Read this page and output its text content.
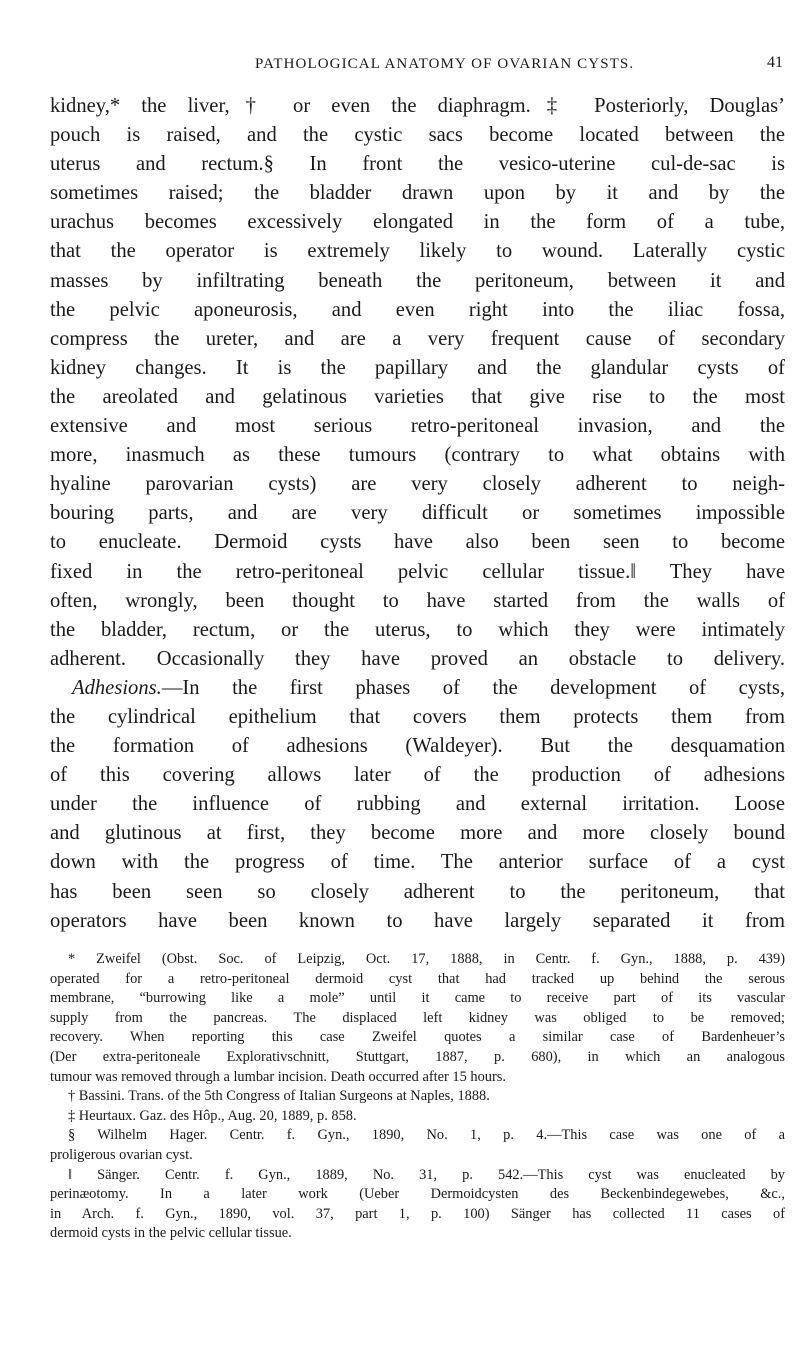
PATHOLOGICAL ANATOMY OF OVARIAN CYSTS.	41
kidney,* the liver,† or even the diaphragm.‡ Posteriorly, Douglas’
pouch is raised, and the cystic sacs become located between the
uterus and rectum.§ In front the vesico-uterine cul-de-sac is
sometimes raised; the bladder drawn upon by it and by the
urachus becomes excessively elongated in the form of a tube,
that the operator is extremely likely to wound. Laterally cystic
masses by infiltrating beneath the peritoneum, between it and
the pelvic aponeurosis, and even right into the iliac fossa,
compress the ureter, and are a very frequent cause of secondary
kidney changes. It is the papillary and the glandular cysts of
the areolated and gelatinous varieties that give rise to the most
extensive and most serious retro-peritoneal invasion, and the
more, inasmuch as these tumours (contrary to what obtains with
hyaline parovarian cysts) are very closely adherent to neigh-
bouring parts, and are very difficult or sometimes impossible
to enucleate. Dermoid cysts have also been seen to become
fixed in the retro-peritoneal pelvic cellular tissue.‖ They have
often, wrongly, been thought to have started from the walls of
the bladder, rectum, or the uterus, to which they were intimately
adherent. Occasionally they have proved an obstacle to delivery.
Adhesions.—In the first phases of the development of cysts,
the cylindrical epithelium that covers them protects them from
the formation of adhesions (Waldeyer). But the desquamation
of this covering allows later of the production of adhesions
under the influence of rubbing and external irritation. Loose
and glutinous at first, they become more and more closely bound
down with the progress of time. The anterior surface of a cyst
has been seen so closely adherent to the peritoneum, that
operators have been known to have largely separated it from
* Zweifel (Obst. Soc. of Leipzig, Oct. 17, 1888, in Centr. f. Gyn., 1888, p. 439)
operated for a retro-peritoneal dermoid cyst that had tracked up behind the serous
membrane, “burrowing like a mole” until it came to receive part of its vascular
supply from the pancreas. The displaced left kidney was obliged to be removed;
recovery. When reporting this case Zweifel quotes a similar case of Bardenheuer’s
(Der extra-peritoneale Explorativschnitt, Stuttgart, 1887, p. 680), in which an analogous
tumour was removed through a lumbar incision. Death occurred after 15 hours.
† Bassini. Trans. of the 5th Congress of Italian Surgeons at Naples, 1888.
‡ Heurtaux. Gaz. des Hôp., Aug. 20, 1889, p. 858.
§ Wilhelm Hager. Centr. f. Gyn., 1890, No. 1, p. 4.—This case was one of a
proligerous ovarian cyst.
‖ Sänger. Centr. f. Gyn., 1889, No. 31, p. 542.—This cyst was enucleated by
perinæotomy. In a later work (Ueber Dermoidcysten des Beckenbindegewebes, &c.,
in Arch. f. Gyn., 1890, vol. 37, part 1, p. 100) Sänger has collected 11 cases of
dermoid cysts in the pelvic cellular tissue.
